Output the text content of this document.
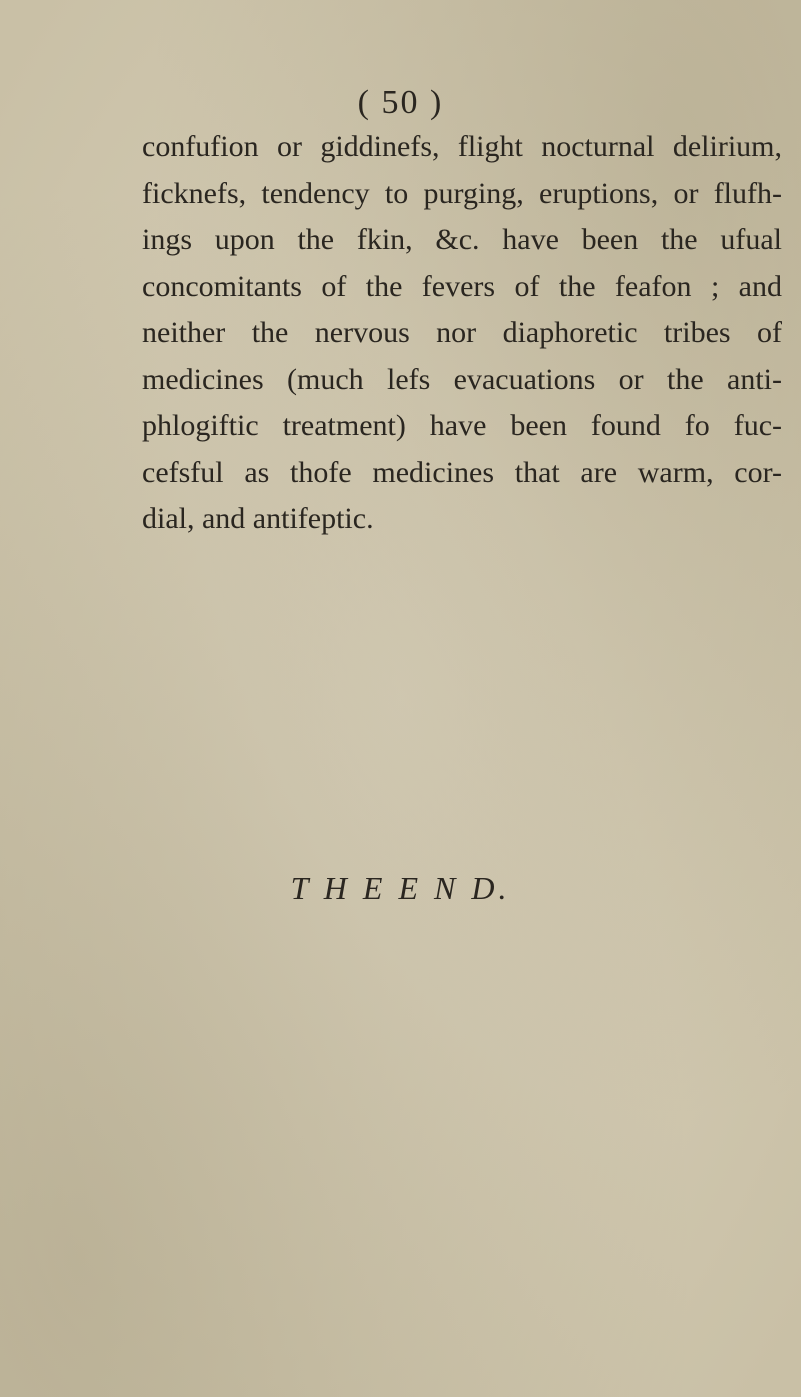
( 50 )
confufion or giddinefs, flight nocturnal delirium,
ficknefs, tendency to purging, eruptions, or flufh-
ings upon the fkin, &c. have been the ufual
concomitants of the fevers of the feafon ; and
neither the nervous nor diaphoretic tribes of
medicines (much lefs evacuations or the anti-
phlogiftic treatment) have been found fo fuc-
cefsful as thofe medicines that are warm, cor-
dial, and antifeptic.
T H E E N D.
